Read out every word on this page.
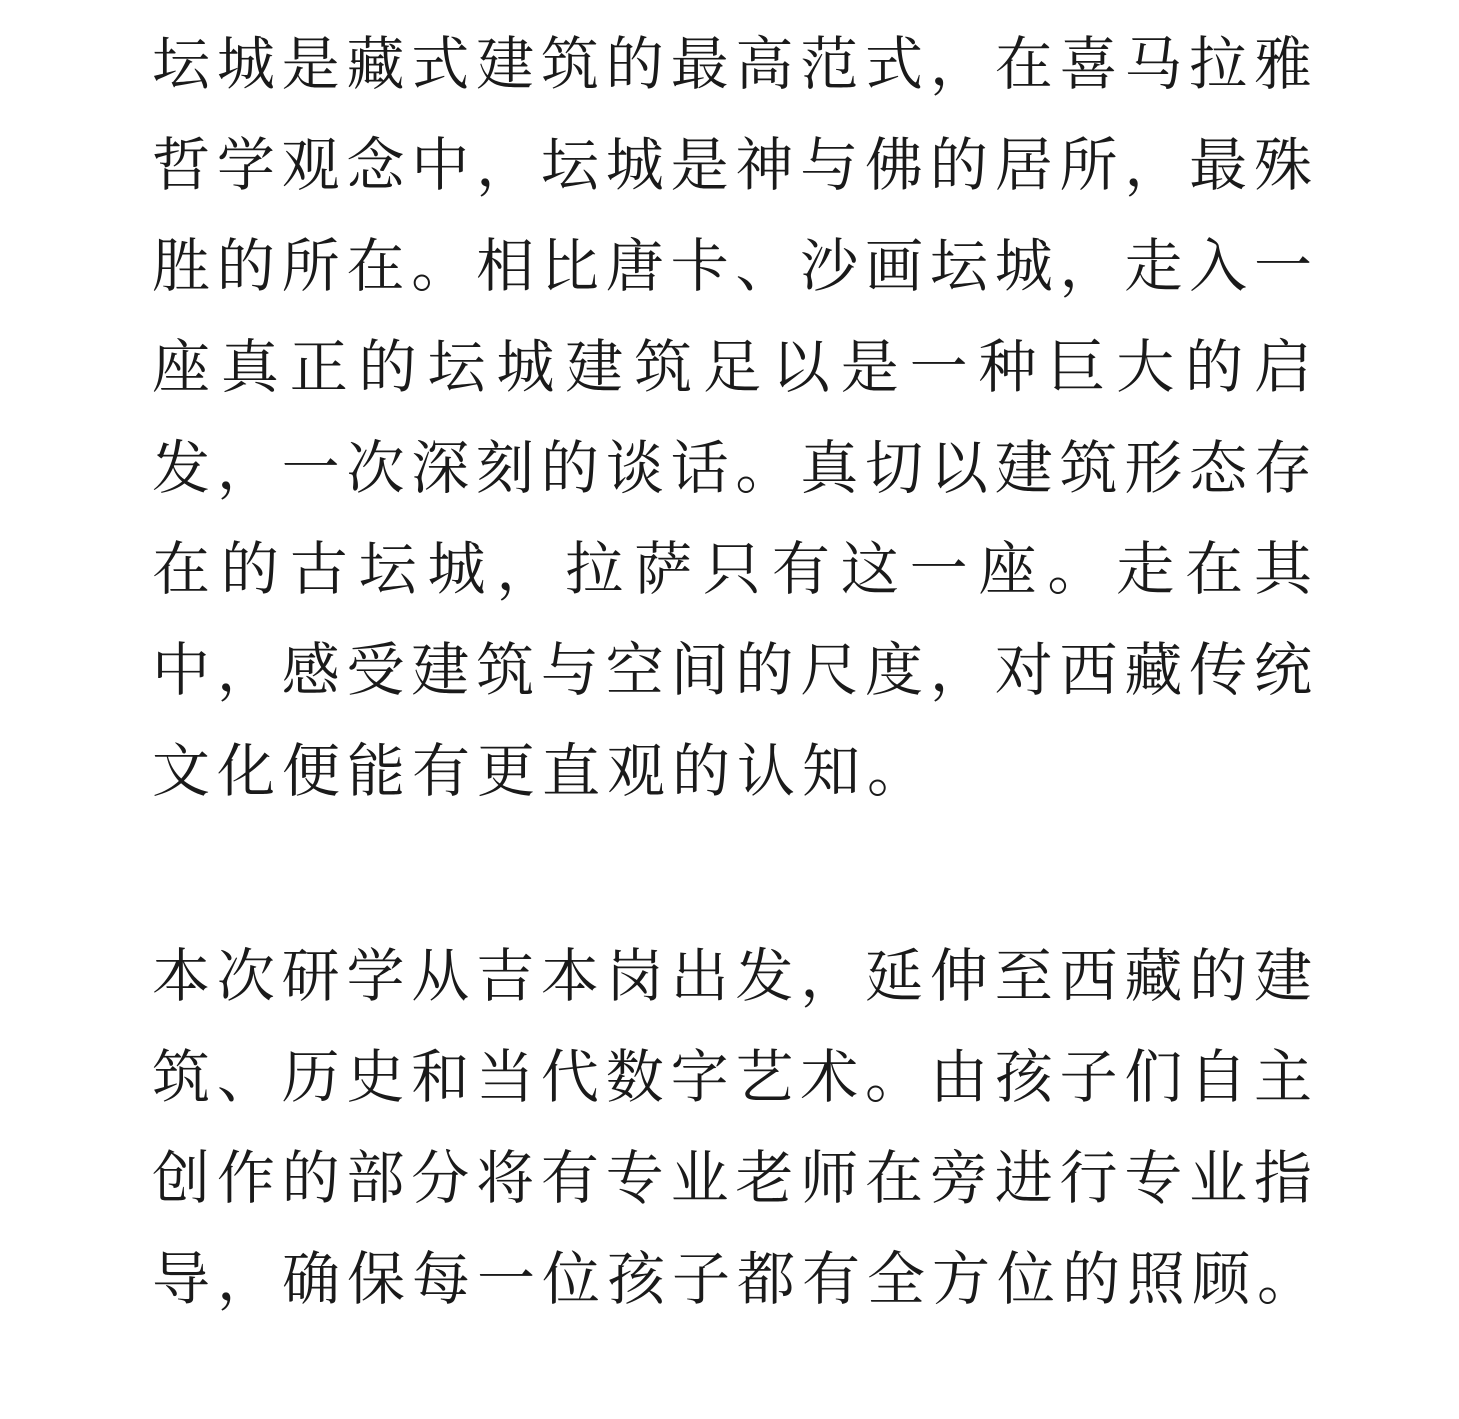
坛城是藏式建筑的最高范式，在喜马拉雅
哲学观念中，坛城是神与佛的居所，最殊
胜的所在。相比唐卡、沙画坛城，走入一
座真正的坛城建筑足以是一种巨大的启
发，一次深刻的谈话。真切以建筑形态存
在的古坛城，拉萨只有这一座。走在其
中，感受建筑与空间的尺度，对西藏传统
文化便能有更直观的认知。
本次研学从吉本岗出发，延伸至西藏的建
筑、历史和当代数字艺术。由孩子们自主
创作的部分将有专业老师在旁进行专业指
导，确保每一位孩子都有全方位的照顾。
